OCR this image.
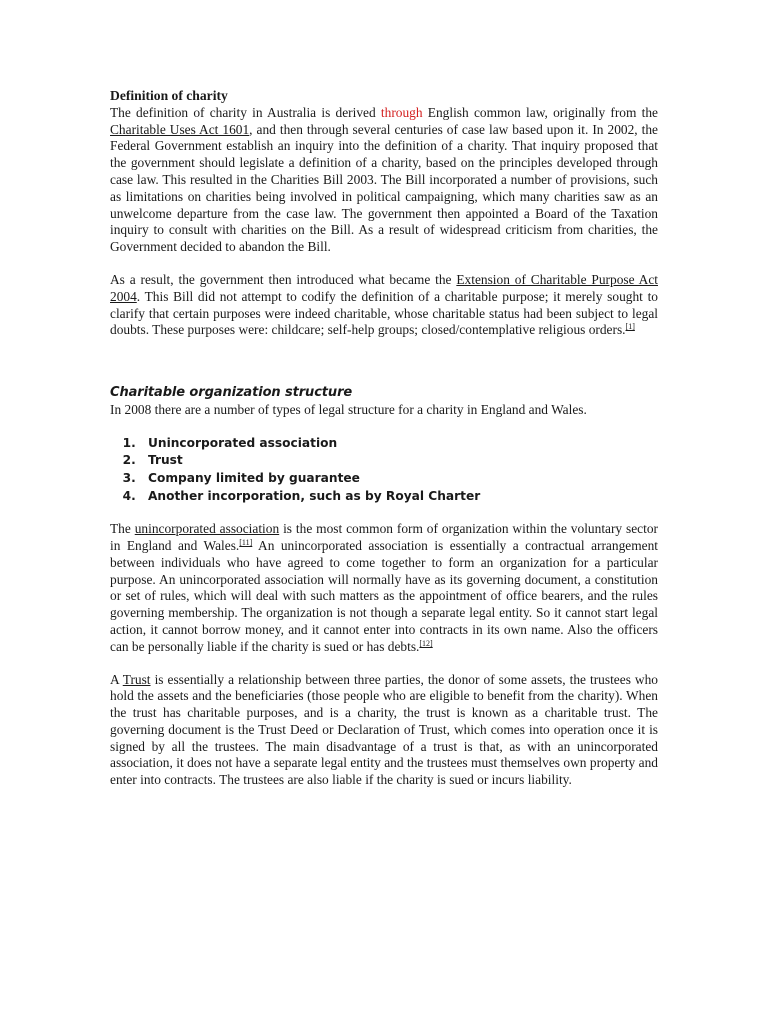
Definition of charity

The definition of charity in Australia is derived through English common law, originally from the Charitable Uses Act 1601, and then through several centuries of case law based upon it. In 2002, the Federal Government establish an inquiry into the definition of a charity. That inquiry proposed that the government should legislate a definition of a charity, based on the principles developed through case law. This resulted in the Charities Bill 2003. The Bill incorporated a number of provisions, such as limitations on charities being involved in political campaigning, which many charities saw as an unwelcome departure from the case law. The government then appointed a Board of the Taxation inquiry to consult with charities on the Bill. As a result of widespread criticism from charities, the Government decided to abandon the Bill.

As a result, the government then introduced what became the Extension of Charitable Purpose Act 2004. This Bill did not attempt to codify the definition of a charitable purpose; it merely sought to clarify that certain purposes were indeed charitable, whose charitable status had been subject to legal doubts. These purposes were: childcare; self-help groups; closed/contemplative religious orders.[1]

Charitable organization structure

In 2008 there are a number of types of legal structure for a charity in England and Wales.

1. Unincorporated association
2. Trust
3. Company limited by guarantee
4. Another incorporation, such as by Royal Charter

The unincorporated association is the most common form of organization within the voluntary sector in England and Wales.[11] An unincorporated association is essentially a contractual arrangement between individuals who have agreed to come together to form an organization for a particular purpose. An unincorporated association will normally have as its governing document, a constitution or set of rules, which will deal with such matters as the appointment of office bearers, and the rules governing membership. The organization is not though a separate legal entity. So it cannot start legal action, it cannot borrow money, and it cannot enter into contracts in its own name. Also the officers can be personally liable if the charity is sued or has debts.[12]

A Trust is essentially a relationship between three parties, the donor of some assets, the trustees who hold the assets and the beneficiaries (those people who are eligible to benefit from the charity). When the trust has charitable purposes, and is a charity, the trust is known as a charitable trust. The governing document is the Trust Deed or Declaration of Trust, which comes into operation once it is signed by all the trustees. The main disadvantage of a trust is that, as with an unincorporated association, it does not have a separate legal entity and the trustees must themselves own property and enter into contracts. The trustees are also liable if the charity is sued or incurs liability.
